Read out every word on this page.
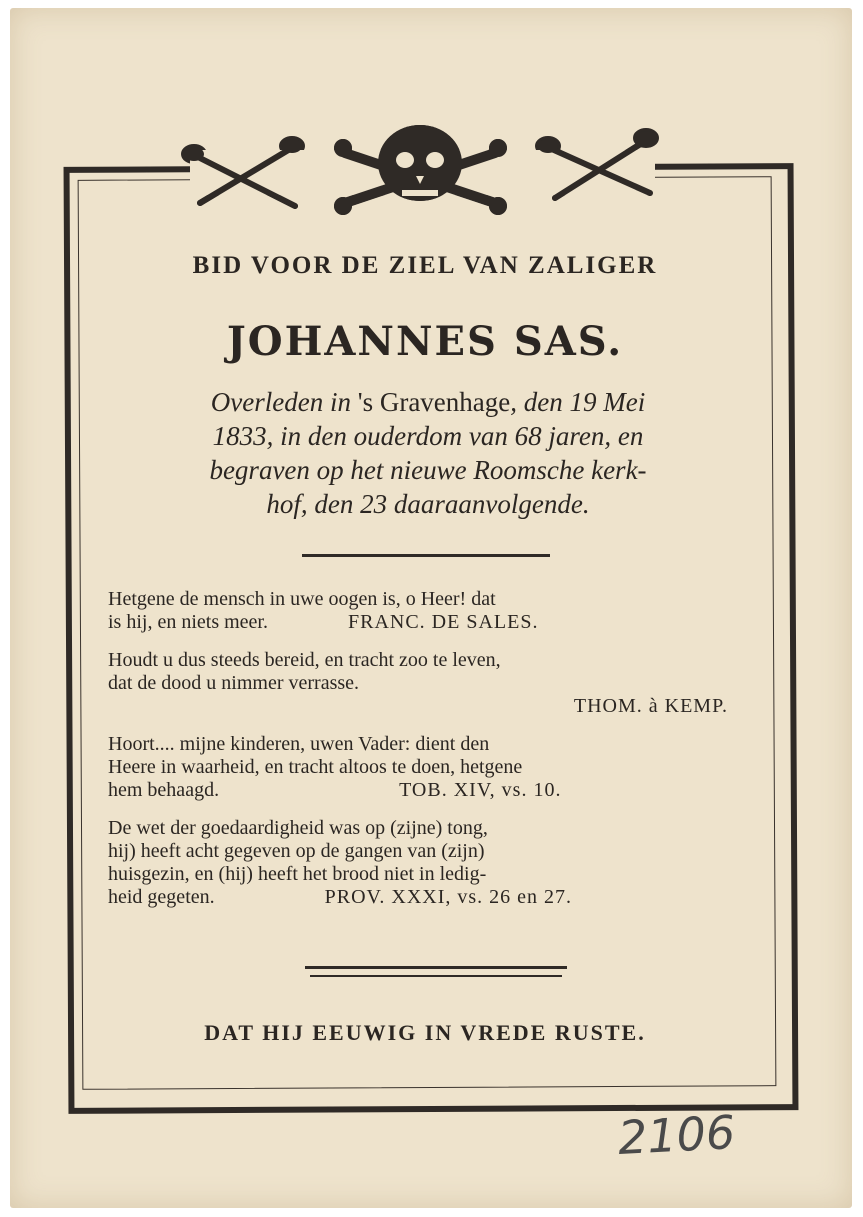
BID VOOR DE ZIEL VAN ZALIGER
JOHANNES SAS.
Overleden in 's Gravenhage, den 19 Mei
1833, in den ouderdom van 68 jaren, en
begraven op het nieuwe Roomsche kerk-
hof, den 23 daaraanvolgende.
Hetgene de mensch in uwe oogen is, o Heer! dat
is hij, en niets meer.	FRANC. DE SALES.
Houdt u dus steeds bereid, en tracht zoo te leven,
dat de dood u nimmer verrasse.
THOM. à KEMP.
Hoort.... mijne kinderen, uwen Vader: dient den
Heere in waarheid, en tracht altoos te doen, hetgene
hem behaagd.	TOB. XIV, vs. 10.
De wet der goedaardigheid was op (zijne) tong,
hij) heeft acht gegeven op de gangen van (zijn)
huisgezin, en (hij) heeft het brood niet in ledig-
heid gegeten.	PROV. XXXI, vs. 26 en 27.
DAT HIJ EEUWIG IN VREDE RUSTE.
2106
